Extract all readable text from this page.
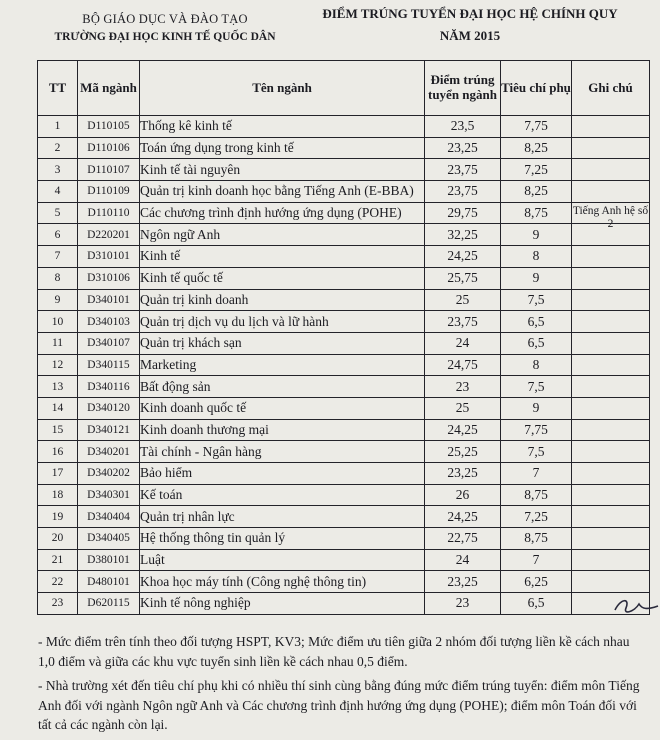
BỘ GIÁO DỤC VÀ ĐÀO TẠO
TRƯỜNG ĐẠI HỌC KINH TẾ QUỐC DÂN
ĐIỂM TRÚNG TUYỂN ĐẠI HỌC HỆ CHÍNH QUY
NĂM 2015
TT	Mã ngành	Tên ngành	Điểm trúng tuyển ngành	Tiêu chí phụ	Ghi chú
1	D110105	Thống kê kinh tế	23,5	7,75	
2	D110106	Toán ứng dụng trong kinh tế	23,25	8,25	
3	D110107	Kinh tế tài nguyên	23,75	7,25	
4	D110109	Quản trị kinh doanh học bằng Tiếng Anh (E-BBA)	23,75	8,25	
5	D110110	Các chương trình định hướng ứng dụng (POHE)	29,75	8,75	Tiếng Anh hệ số 2

6	D220201	Ngôn ngữ Anh	32,25	9	
7	D310101	Kinh tế	24,25	8	
8	D310106	Kinh tế quốc tế	25,75	9	
9	D340101	Quản trị kinh doanh	25	7,5	
10	D340103	Quản trị dịch vụ du lịch và lữ hành	23,75	6,5	
11	D340107	Quản trị khách sạn	24	6,5	
12	D340115	Marketing	24,75	8	
13	D340116	Bất động sản	23	7,5	
14	D340120	Kinh doanh quốc tế	25	9	
15	D340121	Kinh doanh thương mại	24,25	7,75	
16	D340201	Tài chính - Ngân hàng	25,25	7,5	
17	D340202	Bảo hiểm	23,25	7	
18	D340301	Kế toán	26	8,75	
19	D340404	Quản trị nhân lực	24,25	7,25	
20	D340405	Hệ thống thông tin quản lý	22,75	8,75	
21	D380101	Luật	24	7	
22	D480101	Khoa học máy tính (Công nghệ thông tin)	23,25	6,25	
23	D620115	Kinh tế nông nghiệp	23	6,5	

- Mức điểm trên tính theo đối tượng HSPT, KV3; Mức điểm ưu tiên giữa 2 nhóm đối tượng liền kề cách nhau 1,0 điểm và giữa các khu vực tuyển sinh liền kề cách nhau 0,5 điểm.

- Nhà trường xét đến tiêu chí phụ khi có nhiều thí sinh cùng bằng đúng mức điểm trúng tuyển: điểm môn Tiếng Anh đối với ngành Ngôn ngữ Anh và Các chương trình định hướng ứng dụng (POHE); điểm môn Toán đối với tất cả các ngành còn lại.
